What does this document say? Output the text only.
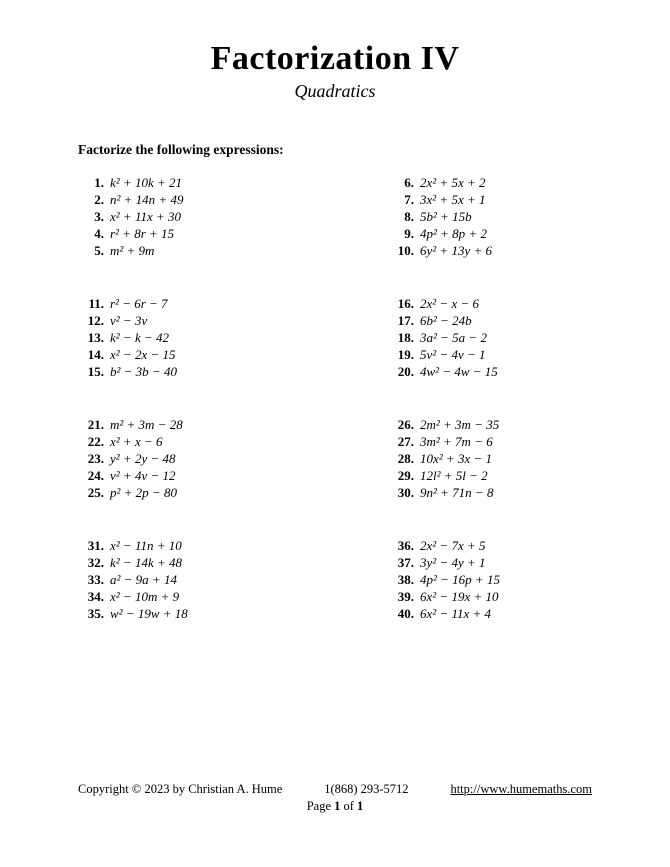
Factorization IV
Quadratics
Factorize the following expressions:
1. k² + 10k + 21
2. n² + 14n + 49
3. x² + 11x + 30
4. r² + 8r + 15
5. m² + 9m
6. 2x² + 5x + 2
7. 3x² + 5x + 1
8. 5b² + 15b
9. 4p² + 8p + 2
10. 6y² + 13y + 6
11. r² − 6r − 7
12. v² − 3v
13. k² − k − 42
14. x² − 2x − 15
15. b² − 3b − 40
16. 2x² − x − 6
17. 6b² − 24b
18. 3a² − 5a − 2
19. 5v² − 4v − 1
20. 4w² − 4w − 15
21. m² + 3m − 28
22. x² + x − 6
23. y² + 2y − 48
24. v² + 4v − 12
25. p² + 2p − 80
26. 2m² + 3m − 35
27. 3m² + 7m − 6
28. 10x² + 3x − 1
29. 12l² + 5l − 2
30. 9n² + 71n − 8
31. x² − 11n + 10
32. k² − 14k + 48
33. a² − 9a + 14
34. x² − 10m + 9
35. w² − 19w + 18
36. 2x² − 7x + 5
37. 3y² − 4y + 1
38. 4p² − 16p + 15
39. 6x² − 19x + 10
40. 6x² − 11x + 4
Copyright © 2023 by Christian A. Hume	1(868) 293-5712	http://www.humemaths.com
Page 1 of 1
